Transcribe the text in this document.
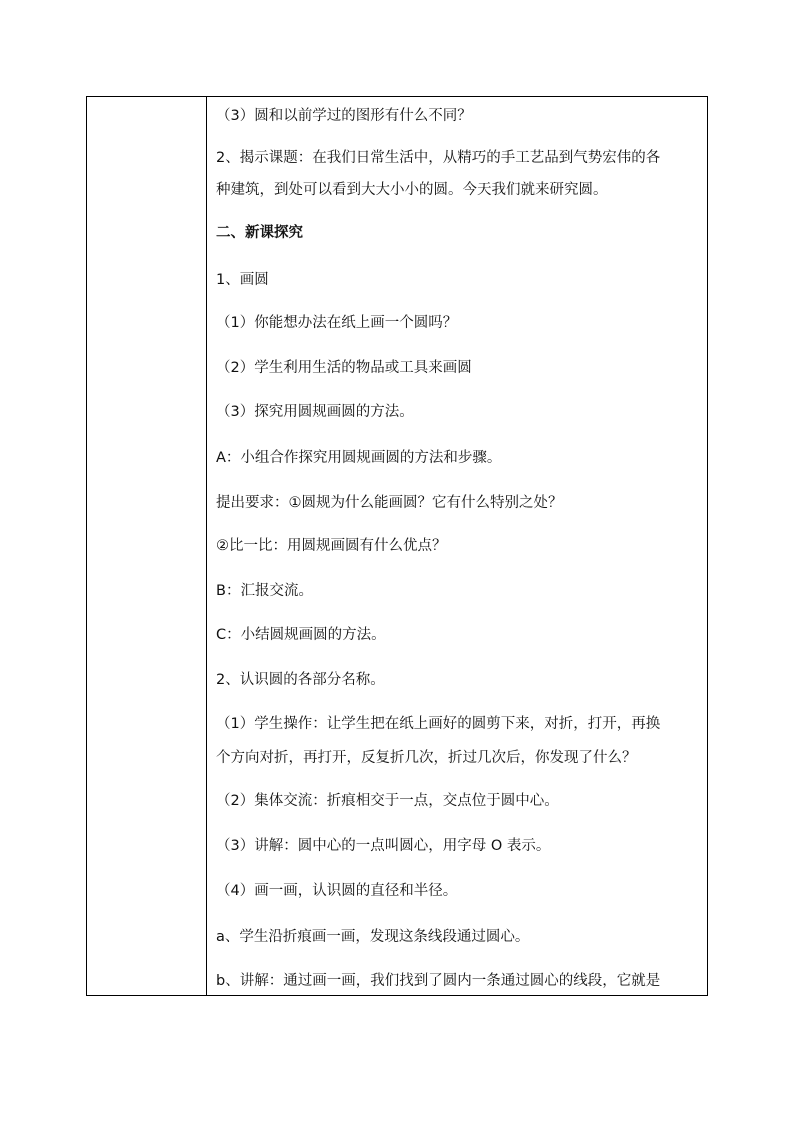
（3）圆和以前学过的图形有什么不同？
2、揭示课题：在我们日常生活中，从精巧的手工艺品到气势宏伟的各
种建筑，到处可以看到大大小小的圆。今天我们就来研究圆。
二、新课探究
1、画圆
（1）你能想办法在纸上画一个圆吗？
（2）学生利用生活的物品或工具来画圆
（3）探究用圆规画圆的方法。
A：小组合作探究用圆规画圆的方法和步骤。
提出要求：①圆规为什么能画圆？它有什么特别之处？
②比一比：用圆规画圆有什么优点？
B：汇报交流。
C：小结圆规画圆的方法。
2、认识圆的各部分名称。
（1）学生操作：让学生把在纸上画好的圆剪下来，对折，打开，再换
个方向对折，再打开，反复折几次，折过几次后，你发现了什么？
（2）集体交流：折痕相交于一点，交点位于圆中心。
（3）讲解：圆中心的一点叫圆心，用字母 O 表示。
（4）画一画，认识圆的直径和半径。
a、学生沿折痕画一画，发现这条线段通过圆心。
b、讲解：通过画一画，我们找到了圆内一条通过圆心的线段，它就是
